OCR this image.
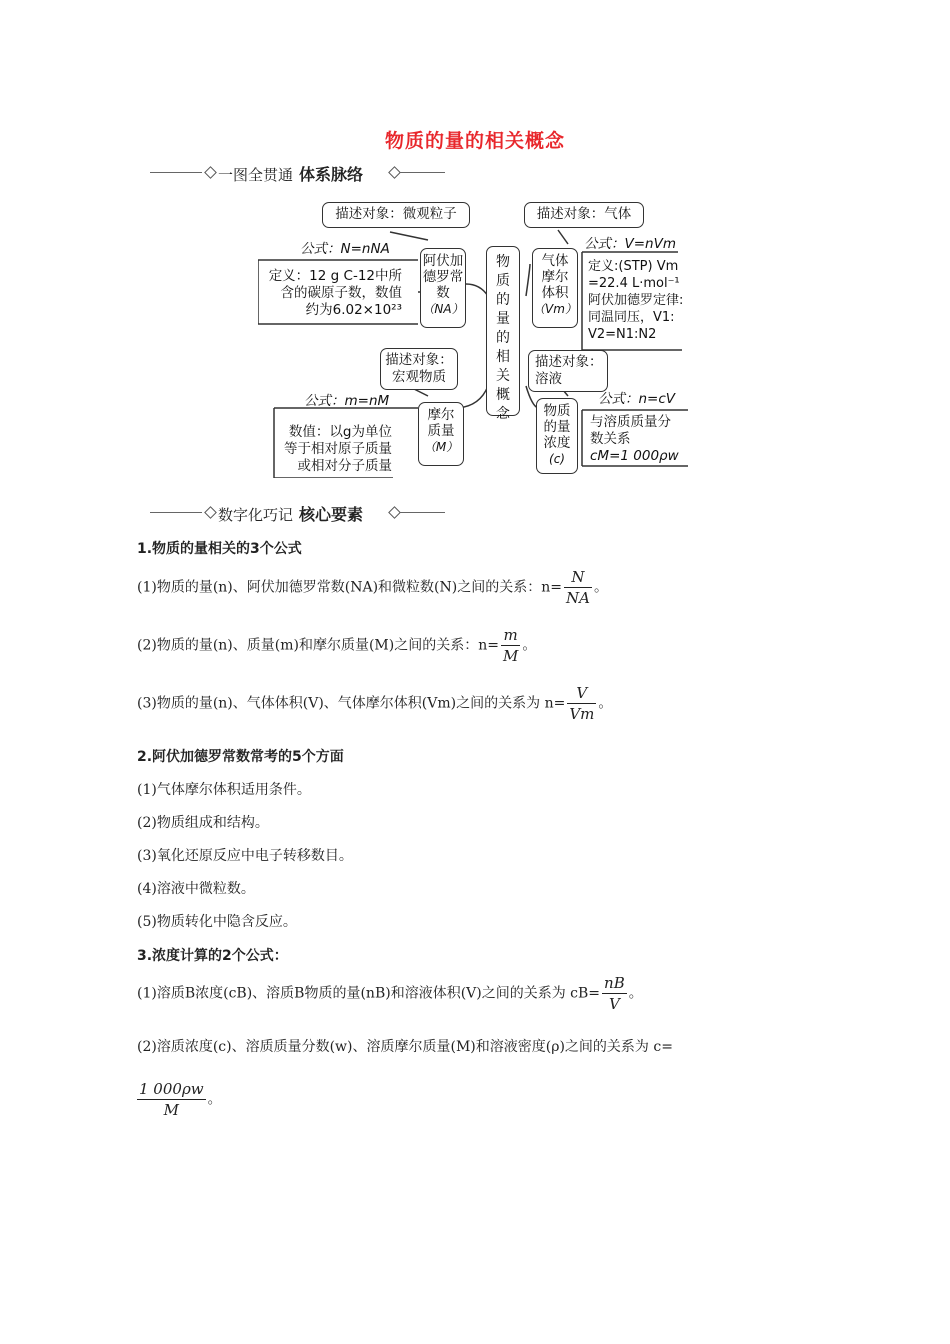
物质的量的相关概念
一图全贯通 体系脉络
物质的量的相关概念
描述对象：微观粒子
公式：N=nNA
定义：12 g C-12中所
含的碳原子数，数值
约为6.02×10²³
阿伏加德罗常数
（NA）
描述对象：
宏观物质
公式：m=nM
数值：以g为单位
等于相对原子质量
或相对分子质量
摩尔质量
（M）
描述对象：气体
公式：V=nVm
气体摩尔体积
（Vm）
定义:(STP) Vm
=22.4 L·mol⁻¹
阿伏加德罗定律:
同温同压，V1:
V2=N1:N2
描述对象：
溶液
公式：n=cV
物质的量浓度
(c)
与溶质质量分
数关系
cM=1 000ρw
数字化巧记 核心要素
1.物质的量相关的3个公式
(1)物质的量(n)、阿伏加德罗常数(NA)和微粒数(N)之间的关系：$n= \frac{N}{NA}$ 。
(2)物质的量(n)、质量(m)和摩尔质量(M)之间的关系：$n= \frac{m}{M}$ 。
(3)物质的量(n)、气体体积(V)、气体摩尔体积(Vm)之间的关系为 $n= \frac{V}{Vm}$ 。
2.阿伏加德罗常数常考的5个方面
(1)气体摩尔体积适用条件。
(2)物质组成和结构。
(3)氧化还原反应中电子转移数目。
(4)溶液中微粒数。
(5)物质转化中隐含反应。
3.浓度计算的2个公式：
(1)溶质B浓度(cB)、溶质B物质的量(nB)和溶液体积(V)之间的关系为 $cB= \frac{nB}{V}$ 。
(2)溶质浓度(c)、溶质质量分数(w)、溶质摩尔质量(M)和溶液密度(ρ)之间的关系为 c=
$\frac{1 000\rho w}{M}$ 。
